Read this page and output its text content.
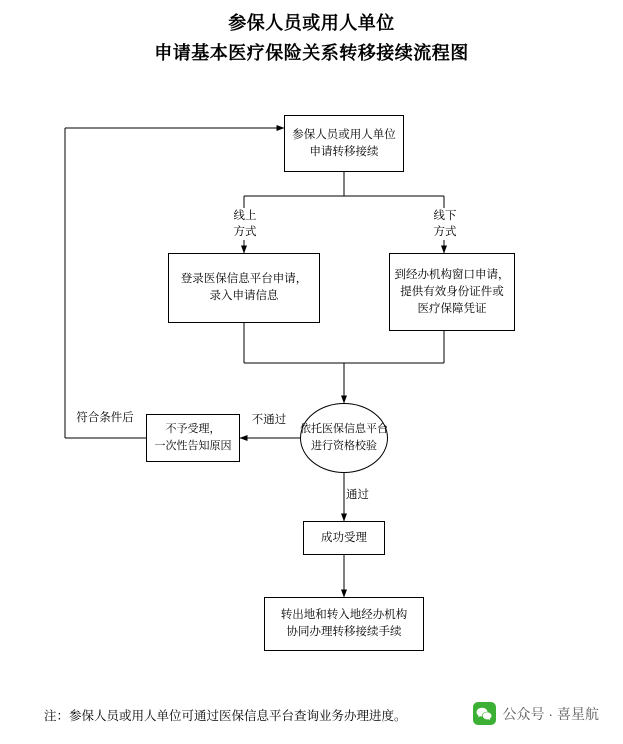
参保人员或用人单位
申请基本医疗保险关系转移接续流程图
参保人员或用人单位
申请转移接续
线上
方式
线下
方式
登录医保信息平台申请，
录入申请信息
到经办机构窗口申请，
提供有效身份证件或
医疗保障凭证
依托医保信息平台
进行资格校验
不通过
通过
不予受理，
一次性告知原因
符合条件后
成功受理
转出地和转入地经办机构
协同办理转移接续手续
注：参保人员或用人单位可通过医保信息平台查询业务办理进度。	公众号 · 喜星航
